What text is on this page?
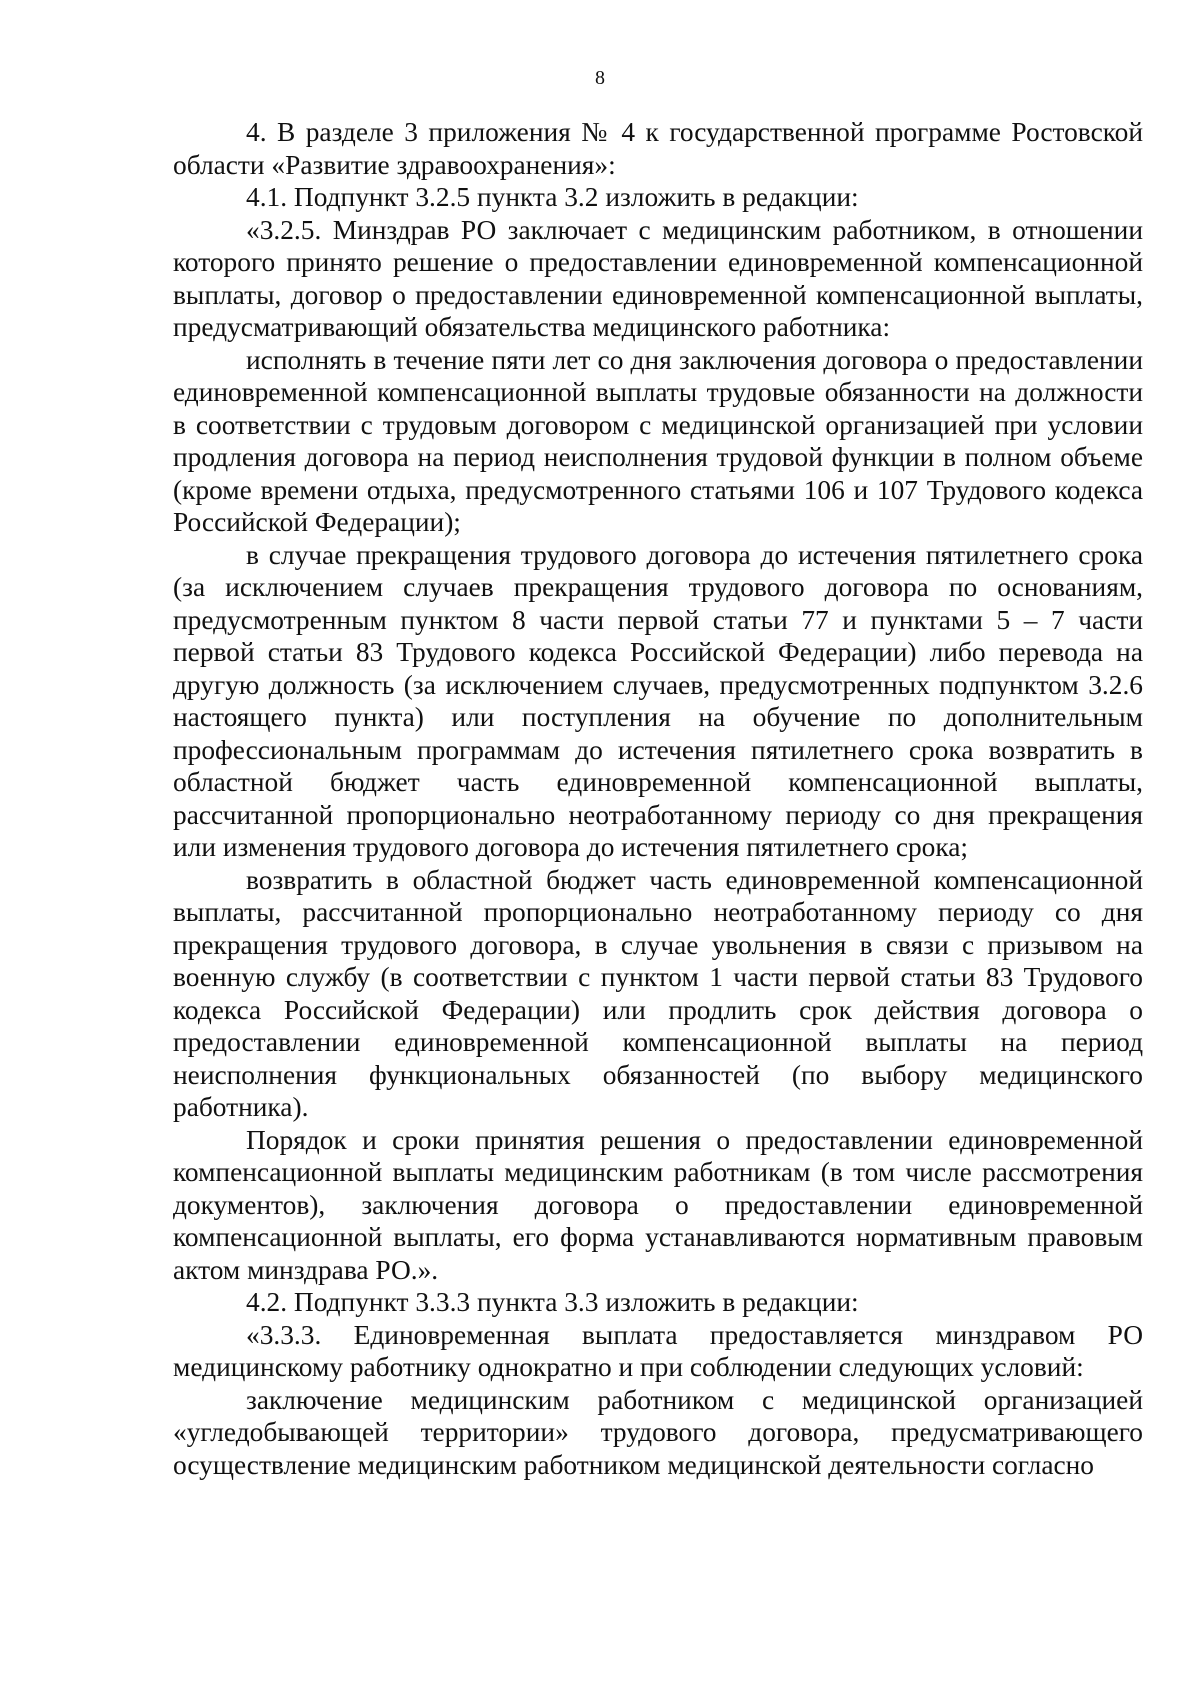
8

4. В разделе 3 приложения № 4 к государственной программе Ростовской области «Развитие здравоохранения»:

4.1. Подпункт 3.2.5 пункта 3.2 изложить в редакции:

«3.2.5. Минздрав РО заключает с медицинским работником, в отношении которого принято решение о предоставлении единовременной компенсационной выплаты, договор о предоставлении единовременной компенсационной выплаты, предусматривающий обязательства медицинского работника:

исполнять в течение пяти лет со дня заключения договора о предоставлении единовременной компенсационной выплаты трудовые обязанности на должности в соответствии с трудовым договором с медицинской организацией при условии продления договора на период неисполнения трудовой функции в полном объеме (кроме времени отдыха, предусмотренного статьями 106 и 107 Трудового кодекса Российской Федерации);

в случае прекращения трудового договора до истечения пятилетнего срока (за исключением случаев прекращения трудового договора по основаниям, предусмотренным пунктом 8 части первой статьи 77 и пунктами 5 – 7 части первой статьи 83 Трудового кодекса Российской Федерации) либо перевода на другую должность (за исключением случаев, предусмотренных подпунктом 3.2.6 настоящего пункта) или поступления на обучение по дополнительным профессиональным программам до истечения пятилетнего срока возвратить в областной бюджет часть единовременной компенсационной выплаты, рассчитанной пропорционально неотработанному периоду со дня прекращения или изменения трудового договора до истечения пятилетнего срока;

возвратить в областной бюджет часть единовременной компенсационной выплаты, рассчитанной пропорционально неотработанному периоду со дня прекращения трудового договора, в случае увольнения в связи с призывом на военную службу (в соответствии с пунктом 1 части первой статьи 83 Трудового кодекса Российской Федерации) или продлить срок действия договора о предоставлении единовременной компенсационной выплаты на период неисполнения функциональных обязанностей (по выбору медицинского работника).

Порядок и сроки принятия решения о предоставлении единовременной компенсационной выплаты медицинским работникам (в том числе рассмотрения документов), заключения договора о предоставлении единовременной компенсационной выплаты, его форма устанавливаются нормативным правовым актом минздрава РО.».

4.2. Подпункт 3.3.3 пункта 3.3 изложить в редакции:

«3.3.3. Единовременная выплата предоставляется минздравом РО медицинскому работнику однократно и при соблюдении следующих условий:

заключение медицинским работником с медицинской организацией «угледобывающей территории» трудового договора, предусматривающего осуществление медицинским работником медицинской деятельности согласно
